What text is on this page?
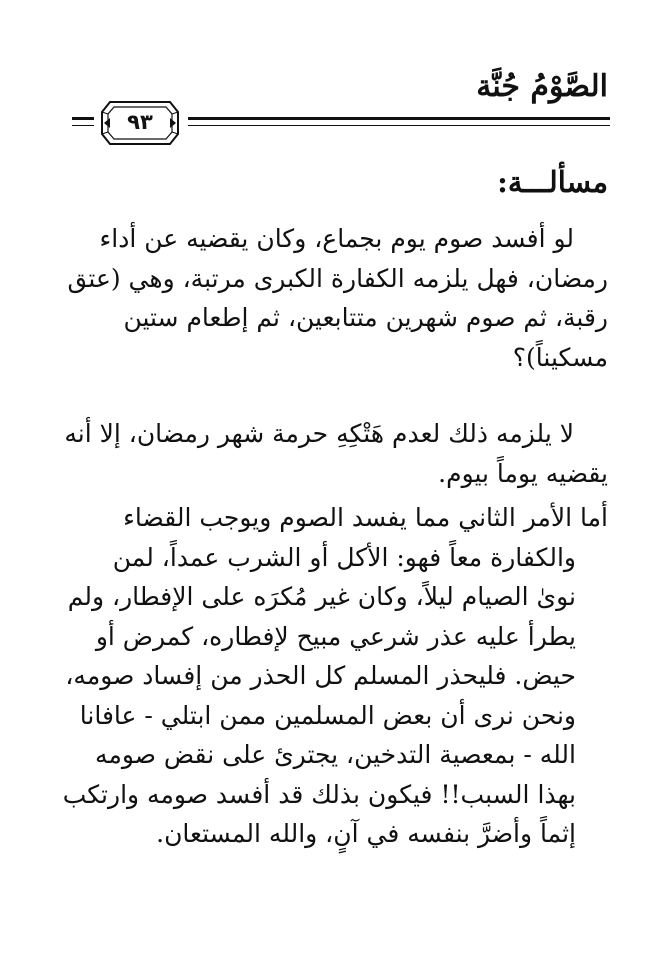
الصَّوْمُ جُنَّة
٩٣
مسألـــة:

لو أفسد صوم يوم بجماع، وكان يقضيه عن أداء
رمضان، فهل يلزمه الكفارة الكبرى مرتبة، وهي (عتق
رقبة، ثم صوم شهرين متتابعين، ثم إطعام ستين
مسكيناً)؟

لا يلزمه ذلك لعدم هَتْكِهِ حرمة شهر رمضان، إلا أنه
يقضيه يوماً بيوم.

أما الأمر الثاني مما يفسد الصوم ويوجب القضاء
والكفارة معاً فهو: الأكل أو الشرب عمداً، لمن
نوىٰ الصيام ليلاً، وكان غير مُكرَه على الإفطار، ولم
يطرأ عليه عذر شرعي مبيح لإفطاره، كمرض أو
حيض. فليحذر المسلم كل الحذر من إفساد صومه،
ونحن نرى أن بعض المسلمين ممن ابتلي - عافانا
الله - بمعصية التدخين، يجترئ على نقض صومه
بهذا السبب!! فيكون بذلك قد أفسد صومه وارتكب
إثماً وأضرَّ بنفسه في آنٍ، والله المستعان.
